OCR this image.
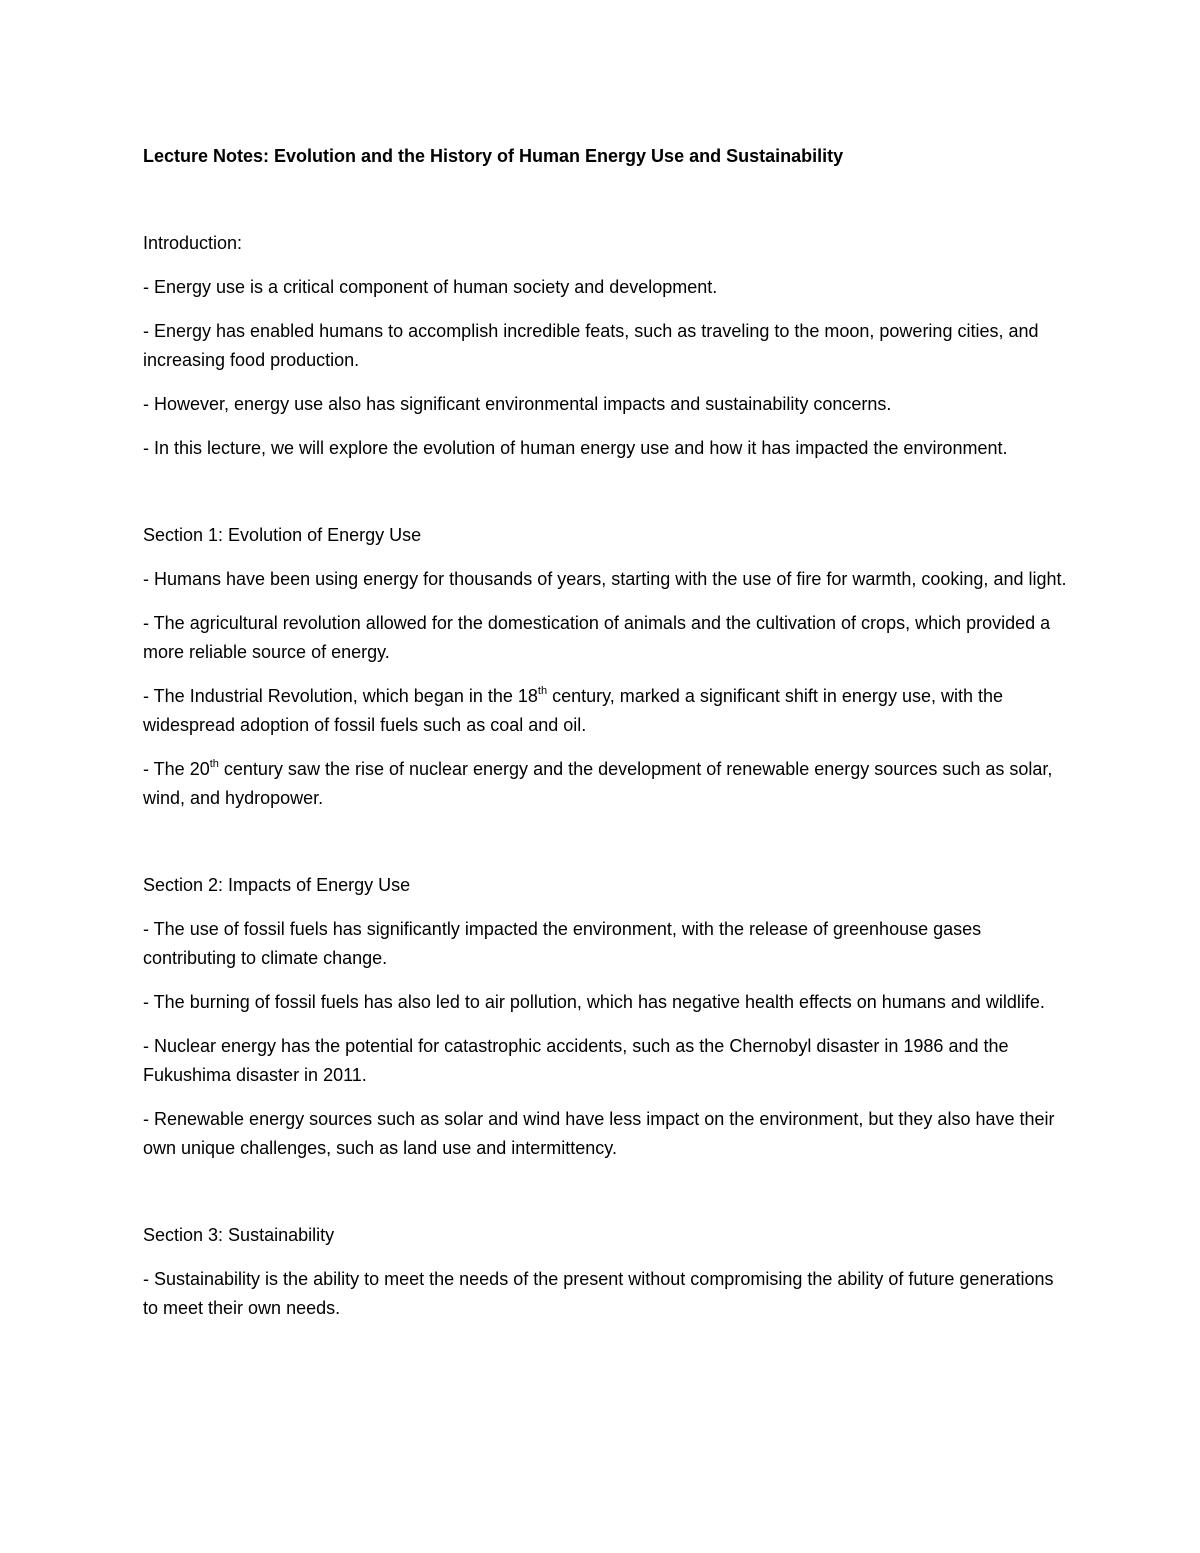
Lecture Notes: Evolution and the History of Human Energy Use and Sustainability

Introduction:

- Energy use is a critical component of human society and development.

- Energy has enabled humans to accomplish incredible feats, such as traveling to the moon, powering cities, and increasing food production.

- However, energy use also has significant environmental impacts and sustainability concerns.

- In this lecture, we will explore the evolution of human energy use and how it has impacted the environment.

Section 1: Evolution of Energy Use

- Humans have been using energy for thousands of years, starting with the use of fire for warmth, cooking, and light.

- The agricultural revolution allowed for the domestication of animals and the cultivation of crops, which provided a more reliable source of energy.

- The Industrial Revolution, which began in the 18th century, marked a significant shift in energy use, with the widespread adoption of fossil fuels such as coal and oil.

- The 20th century saw the rise of nuclear energy and the development of renewable energy sources such as solar, wind, and hydropower.

Section 2: Impacts of Energy Use

- The use of fossil fuels has significantly impacted the environment, with the release of greenhouse gases contributing to climate change.

- The burning of fossil fuels has also led to air pollution, which has negative health effects on humans and wildlife.

- Nuclear energy has the potential for catastrophic accidents, such as the Chernobyl disaster in 1986 and the Fukushima disaster in 2011.

- Renewable energy sources such as solar and wind have less impact on the environment, but they also have their own unique challenges, such as land use and intermittency.

Section 3: Sustainability

- Sustainability is the ability to meet the needs of the present without compromising the ability of future generations to meet their own needs.
